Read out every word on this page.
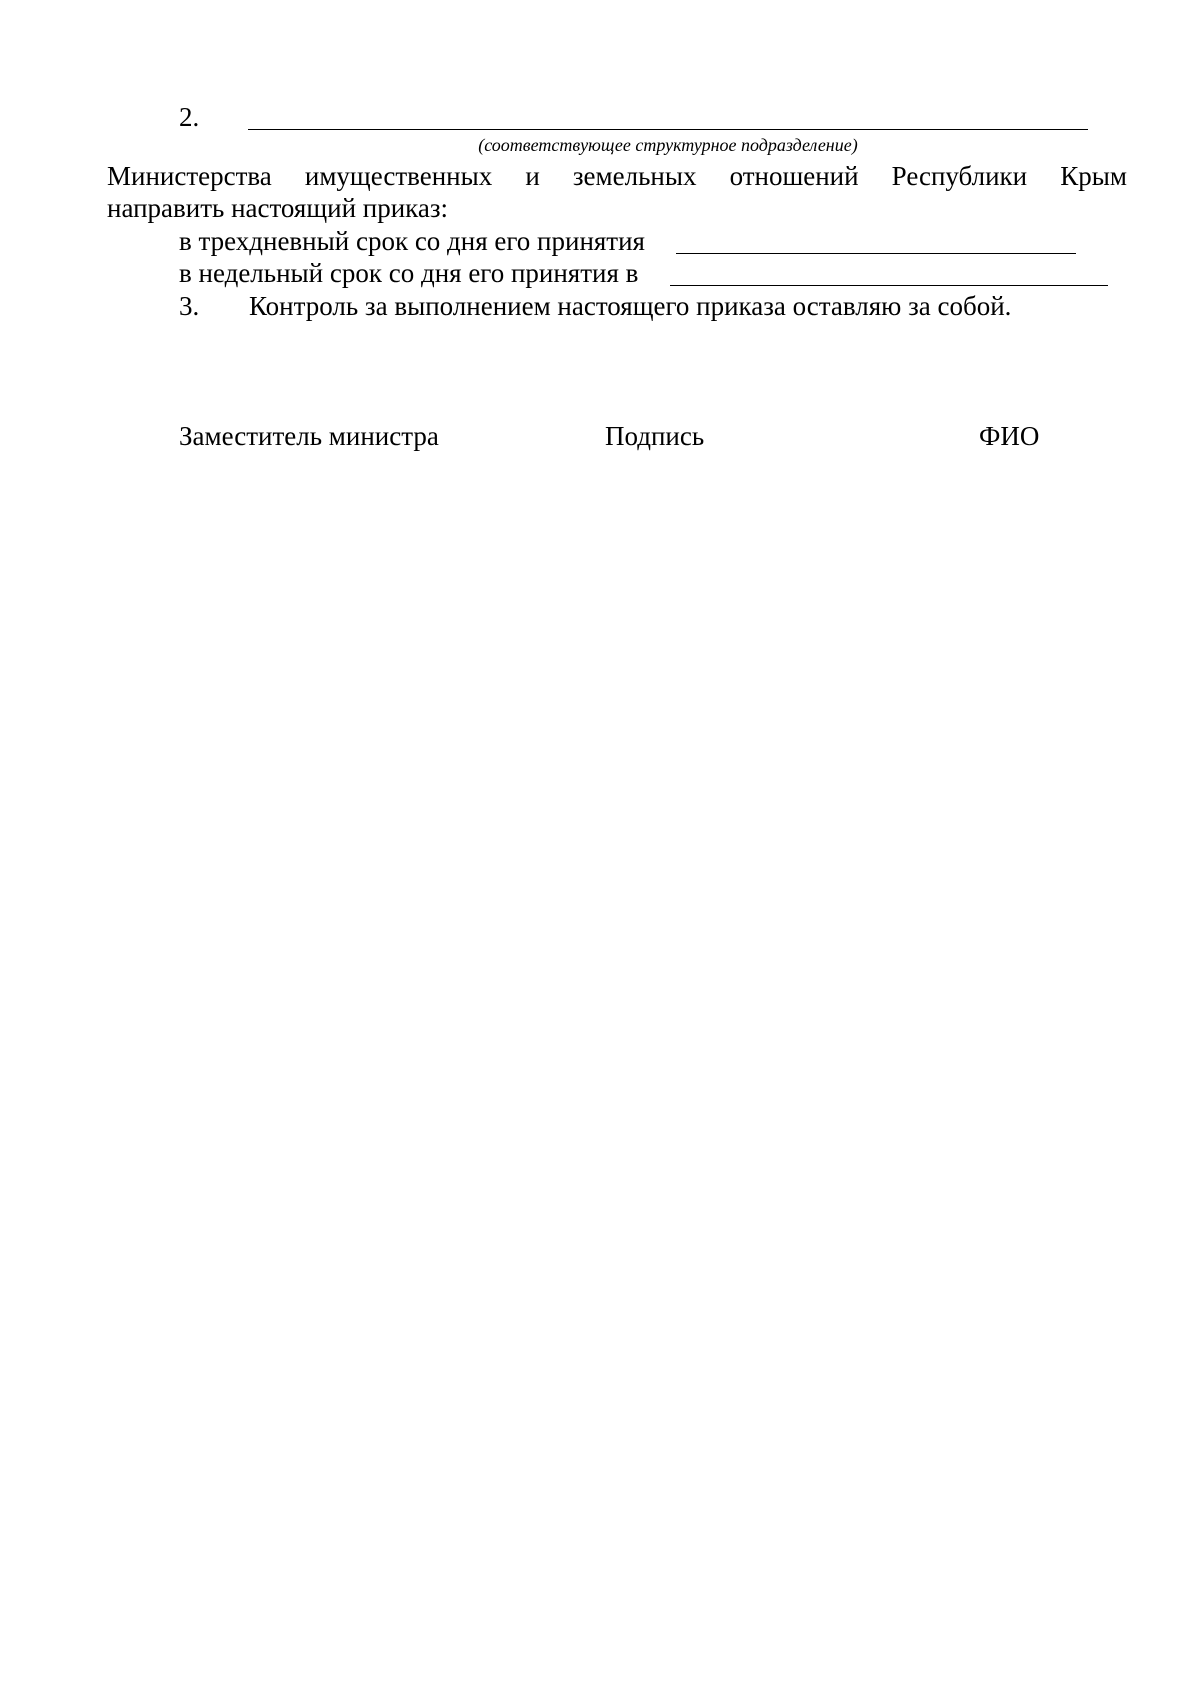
2.
(соответствующее структурное подразделение)
Министерства имущественных и земельных отношений Республики Крым
направить настоящий приказ:
в трехдневный срок со дня его принятия
в недельный срок со дня его принятия в
3. Контроль за выполнением настоящего приказа оставляю за собой.
Заместитель министра	Подпись	ФИО
